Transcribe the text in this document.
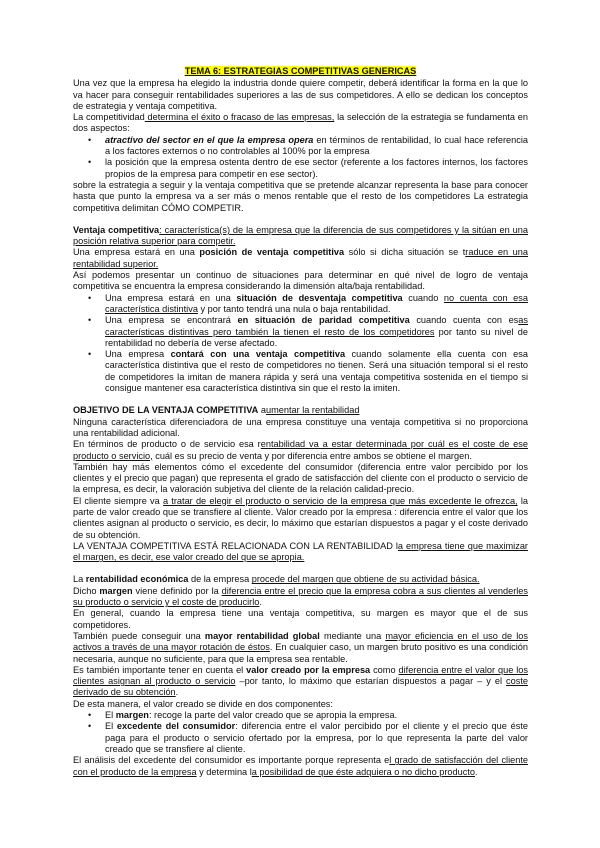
TEMA 6: ESTRATEGIAS COMPETITIVAS GENERICAS

Una vez que la empresa ha elegido la industria donde quiere competir, deberá identificar la forma en la que lo va hacer para conseguir rentabilidades superiores a las de sus competidores. A ello se dedican los conceptos de estrategia y ventaja competitiva.

La competitividad determina el éxito o fracaso de las empresas, la selección de la estrategia se fundamenta en dos aspectos:

• atractivo del sector en el que la empresa opera en términos de rentabilidad, lo cual hace referencia a los factores externos o no controlables al 100% por la empresa
• la posición que la empresa ostenta dentro de ese sector (referente a los factores internos, los factores propios de la empresa para competir en ese sector).

sobre la estrategia a seguir y la ventaja competitiva que se pretende alcanzar representa la base para conocer hasta que punto la empresa va a ser más o menos rentable que el resto de los competidores La estrategia competitiva delimitan CÓMO COMPETIR.

Ventaja competitiva: característica(s) de la empresa que la diferencia de sus competidores y la sitúan en una posición relativa superior para competir.

Una empresa estará en una posición de ventaja competitiva sólo si dicha situación se traduce en una rentabilidad superior.

Así podemos presentar un continuo de situaciones para determinar en qué nivel de logro de ventaja competitiva se encuentra la empresa considerando la dimensión alta/baja rentabilidad.

• Una empresa estará en una situación de desventaja competitiva cuando no cuenta con esa característica distintiva y por tanto tendrá una nula o baja rentabilidad.
• Una empresa se encontrará en situación de paridad competitiva cuando cuenta con esas características distintivas pero también la tienen el resto de los competidores por tanto su nivel de rentabilidad no debería de verse afectado.
• Una empresa contará con una ventaja competitiva cuando solamente ella cuenta con esa característica distintiva que el resto de competidores no tienen. Será una situación temporal si el resto de competidores la imitan de manera rápida y será una ventaja competitiva sostenida en el tiempo si consigue mantener esa característica distintiva sin que el resto la imiten.

OBJETIVO DE LA VENTAJA COMPETITIVA aumentar la rentabilidad

Ninguna característica diferenciadora de una empresa constituye una ventaja competitiva si no proporciona una rentabilidad adicional.

En términos de producto o de servicio esa rentabilidad va a estar determinada por cuál es el coste de ese producto o servicio, cuál es su precio de venta y por diferencia entre ambos se obtiene el margen.

También hay más elementos cómo el excedente del consumidor (diferencia entre valor percibido por los clientes y el precio que pagan) que representa el grado de satisfacción del cliente con el producto o servicio de la empresa, es decir, la valoración subjetiva del cliente de la relación calidad-precio.

El cliente siempre va a tratar de elegir el producto o servicio de la empresa que más excedente le ofrezca, la parte de valor creado que se transfiere al cliente. Valor creado por la empresa : diferencia entre el valor que los clientes asignan al producto o servicio, es decir, lo máximo que estarían dispuestos a pagar y el coste derivado de su obtención.

LA VENTAJA COMPETITIVA ESTÁ RELACIONADA CON LA RENTABILIDAD la empresa tiene que maximizar el margen, es decir, ese valor creado del que se apropia.

La rentabilidad económica de la empresa procede del margen que obtiene de su actividad básica.

Dicho margen viene definido por la diferencia entre el precio que la empresa cobra a sus clientes al venderles su producto o servicio y el coste de producirlo.

En general, cuando la empresa tiene una ventaja competitiva, su margen es mayor que el de sus competidores.

También puede conseguir una mayor rentabilidad global mediante una mayor eficiencia en el uso de los activos a través de una mayor rotación de éstos. En cualquier caso, un margen bruto positivo es una condición necesaria, aunque no suficiente, para que la empresa sea rentable.

Es también importante tener en cuenta el valor creado por la empresa como diferencia entre el valor que los clientes asignan al producto o servicio –por tanto, lo máximo que estarían dispuestos a pagar – y el coste derivado de su obtención.

De esta manera, el valor creado se divide en dos componentes:

• El margen: recoge la parte del valor creado que se apropia la empresa.
• El excedente del consumidor: diferencia entre el valor percibido por el cliente y el precio que éste paga para el producto o servicio ofertado por la empresa, por lo que representa la parte del valor creado que se transfiere al cliente.

El análisis del excedente del consumidor es importante porque representa el grado de satisfacción del cliente con el producto de la empresa y determina la posibilidad de que éste adquiera o no dicho producto.
